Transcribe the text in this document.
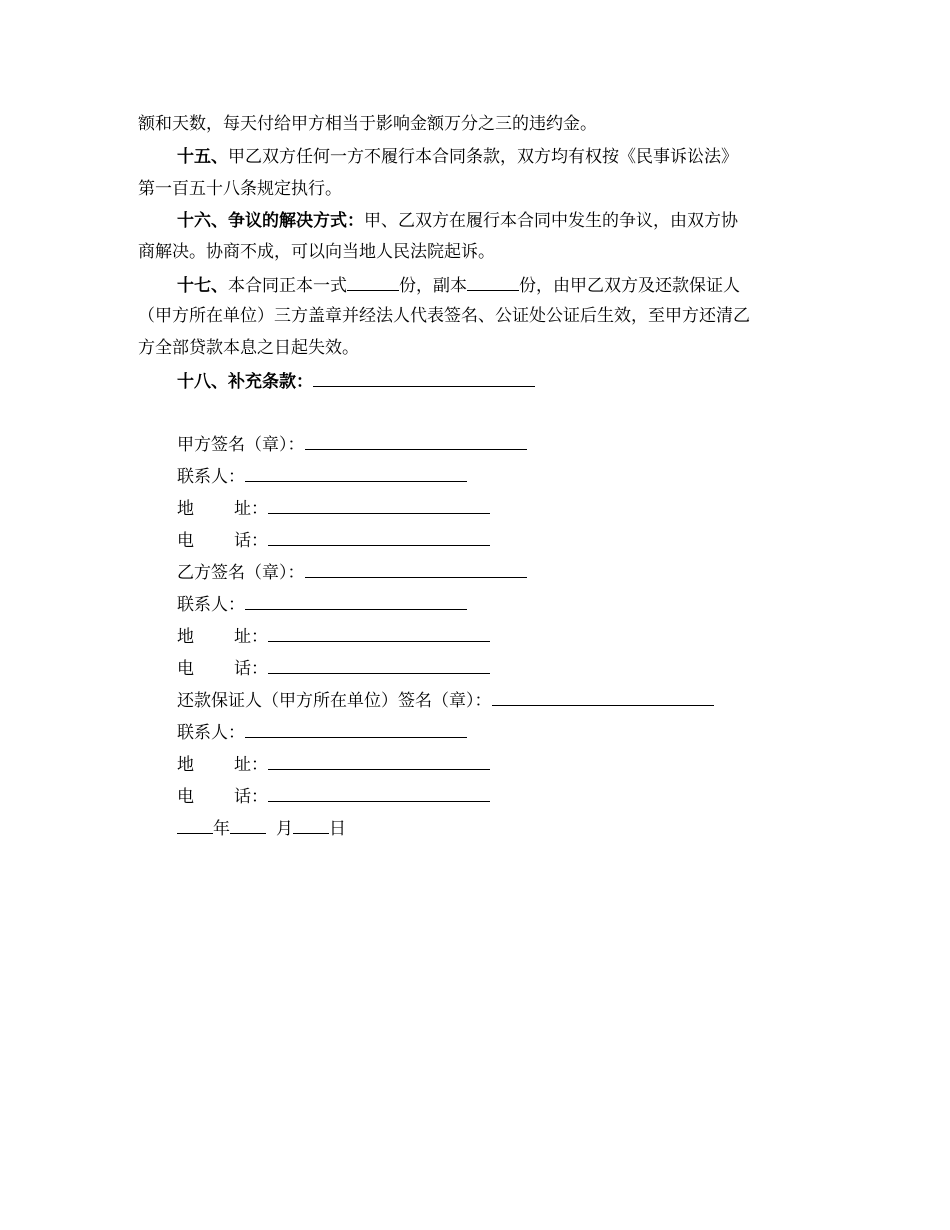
额和天数，每天付给甲方相当于影响金额万分之三的违约金。
十五、甲乙双方任何一方不履行本合同条款，双方均有权按《民事诉讼法》
第一百五十八条规定执行。
十六、争议的解决方式：甲、乙双方在履行本合同中发生的争议，由双方协
商解决。协商不成，可以向当地人民法院起诉。
十七、本合同正本一式	份，副本	份，由甲乙双方及还款保证人
（甲方所在单位）三方盖章并经法人代表签名、公证处公证后生效，至甲方还清乙
方全部贷款本息之日起失效。
十八、补充条款：
甲方签名（章）：
联系人：
地 址：
电 话：
乙方签名（章）：
联系人：
地 址：
电 话：
还款保证人（甲方所在单位）签名（章）：
联系人：
地 址：
电 话：
年	月 日
